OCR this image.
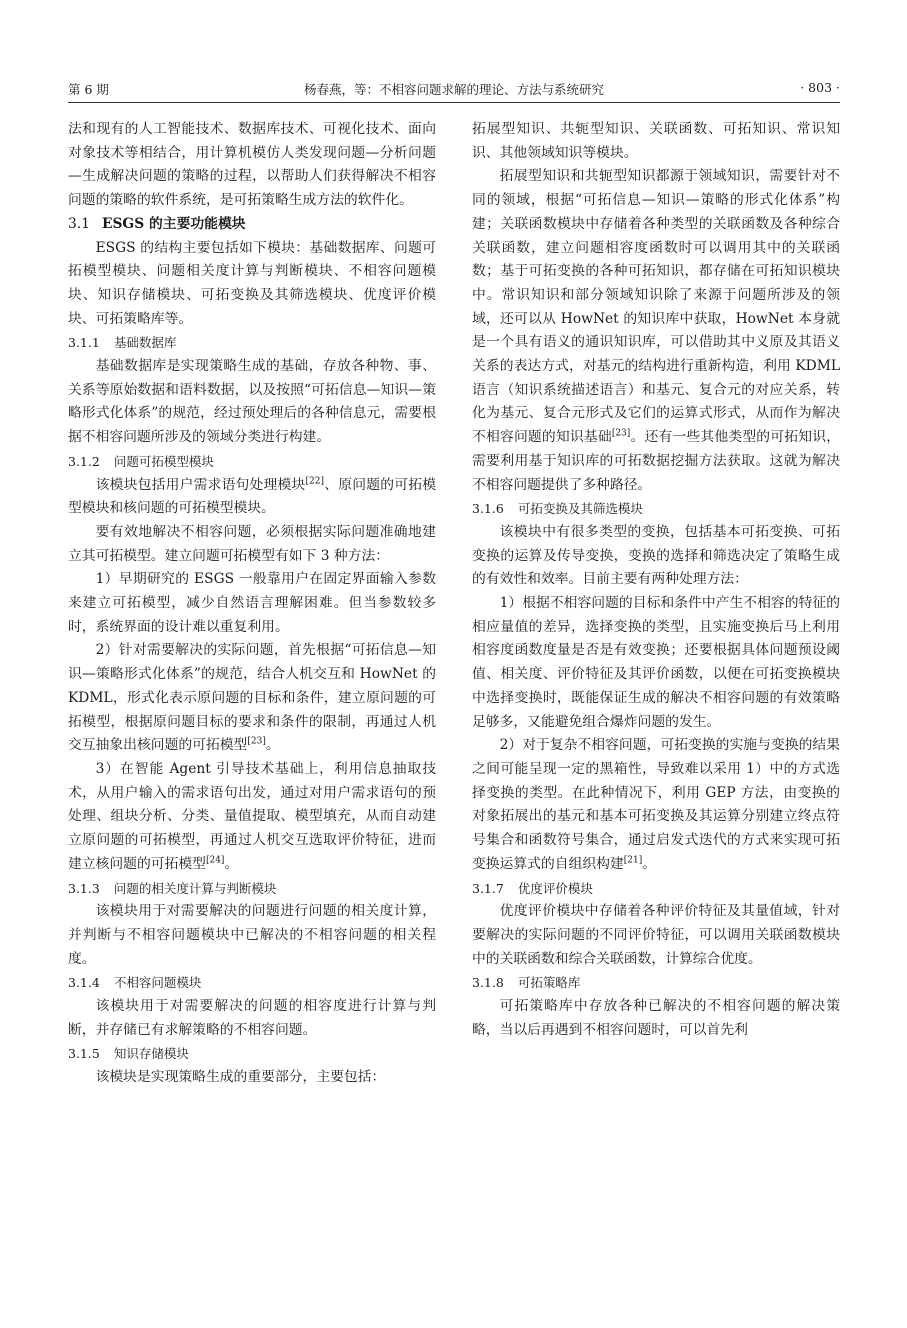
第 6 期	杨春燕，等：不相容问题求解的理论、方法与系统研究	· 803 ·

法和现有的人工智能技术、数据库技术、可视化技术、面向对象技术等相结合，用计算机模仿人类发现问题—分析问题—生成解决问题的策略的过程，以帮助人们获得解决不相容问题的策略的软件系统，是可拓策略生成方法的软件化。

3.1 ESGS 的主要功能模块

ESGS 的结构主要包括如下模块：基础数据库、问题可拓模型模块、问题相关度计算与判断模块、不相容问题模块、知识存储模块、可拓变换及其筛选模块、优度评价模块、可拓策略库等。

3.1.1 基础数据库

基础数据库是实现策略生成的基础，存放各种物、事、关系等原始数据和语料数据，以及按照“可拓信息—知识—策略形式化体系”的规范，经过预处理后的各种信息元，需要根据不相容问题所涉及的领域分类进行构建。

3.1.2 问题可拓模型模块

该模块包括用户需求语句处理模块[22]、原问题的可拓模型模块和核问题的可拓模型模块。

要有效地解决不相容问题，必须根据实际问题准确地建立其可拓模型。建立问题可拓模型有如下 3 种方法：

1）早期研究的 ESGS 一般靠用户在固定界面输入参数来建立可拓模型，减少自然语言理解困难。但当参数较多时，系统界面的设计难以重复利用。

2）针对需要解决的实际问题，首先根据“可拓信息—知识—策略形式化体系”的规范，结合人机交互和 HowNet 的 KDML，形式化表示原问题的目标和条件，建立原问题的可拓模型，根据原问题目标的要求和条件的限制，再通过人机交互抽象出核问题的可拓模型[23]。

3）在智能 Agent 引导技术基础上，利用信息抽取技术，从用户输入的需求语句出发，通过对用户需求语句的预处理、组块分析、分类、量值提取、模型填充，从而自动建立原问题的可拓模型，再通过人机交互选取评价特征，进而建立核问题的可拓模型[24]。

3.1.3 问题的相关度计算与判断模块

该模块用于对需要解决的问题进行问题的相关度计算，并判断与不相容问题模块中已解决的不相容问题的相关程度。

3.1.4 不相容问题模块

该模块用于对需要解决的问题的相容度进行计算与判断，并存储已有求解策略的不相容问题。

3.1.5 知识存储模块

该模块是实现策略生成的重要部分，主要包括：

拓展型知识、共轭型知识、关联函数、可拓知识、常识知识、其他领域知识等模块。

拓展型知识和共轭型知识都源于领域知识，需要针对不同的领域，根据“可拓信息—知识—策略的形式化体系”构建；关联函数模块中存储着各种类型的关联函数及各种综合关联函数，建立问题相容度函数时可以调用其中的关联函数；基于可拓变换的各种可拓知识，都存储在可拓知识模块中。常识知识和部分领域知识除了来源于问题所涉及的领域，还可以从 HowNet 的知识库中获取，HowNet 本身就是一个具有语义的通识知识库，可以借助其中义原及其语义关系的表达方式，对基元的结构进行重新构造，利用 KDML 语言（知识系统描述语言）和基元、复合元的对应关系，转化为基元、复合元形式及它们的运算式形式，从而作为解决不相容问题的知识基础[23]。还有一些其他类型的可拓知识，需要利用基于知识库的可拓数据挖掘方法获取。这就为解决不相容问题提供了多种路径。

3.1.6 可拓变换及其筛选模块

该模块中有很多类型的变换，包括基本可拓变换、可拓变换的运算及传导变换，变换的选择和筛选决定了策略生成的有效性和效率。目前主要有两种处理方法：

1）根据不相容问题的目标和条件中产生不相容的特征的相应量值的差异，选择变换的类型，且实施变换后马上利用相容度函数度量是否是有效变换；还要根据具体问题预设阈值、相关度、评价特征及其评价函数，以便在可拓变换模块中选择变换时，既能保证生成的解决不相容问题的有效策略足够多，又能避免组合爆炸问题的发生。

2）对于复杂不相容问题，可拓变换的实施与变换的结果之间可能呈现一定的黑箱性，导致难以采用 1）中的方式选择变换的类型。在此种情况下，利用 GEP 方法，由变换的对象拓展出的基元和基本可拓变换及其运算分别建立终点符号集合和函数符号集合，通过启发式迭代的方式来实现可拓变换运算式的自组织构建[21]。

3.1.7 优度评价模块

优度评价模块中存储着各种评价特征及其量值域，针对要解决的实际问题的不同评价特征，可以调用关联函数模块中的关联函数和综合关联函数，计算综合优度。

3.1.8 可拓策略库

可拓策略库中存放各种已解决的不相容问题的解决策略，当以后再遇到不相容问题时，可以首先利
